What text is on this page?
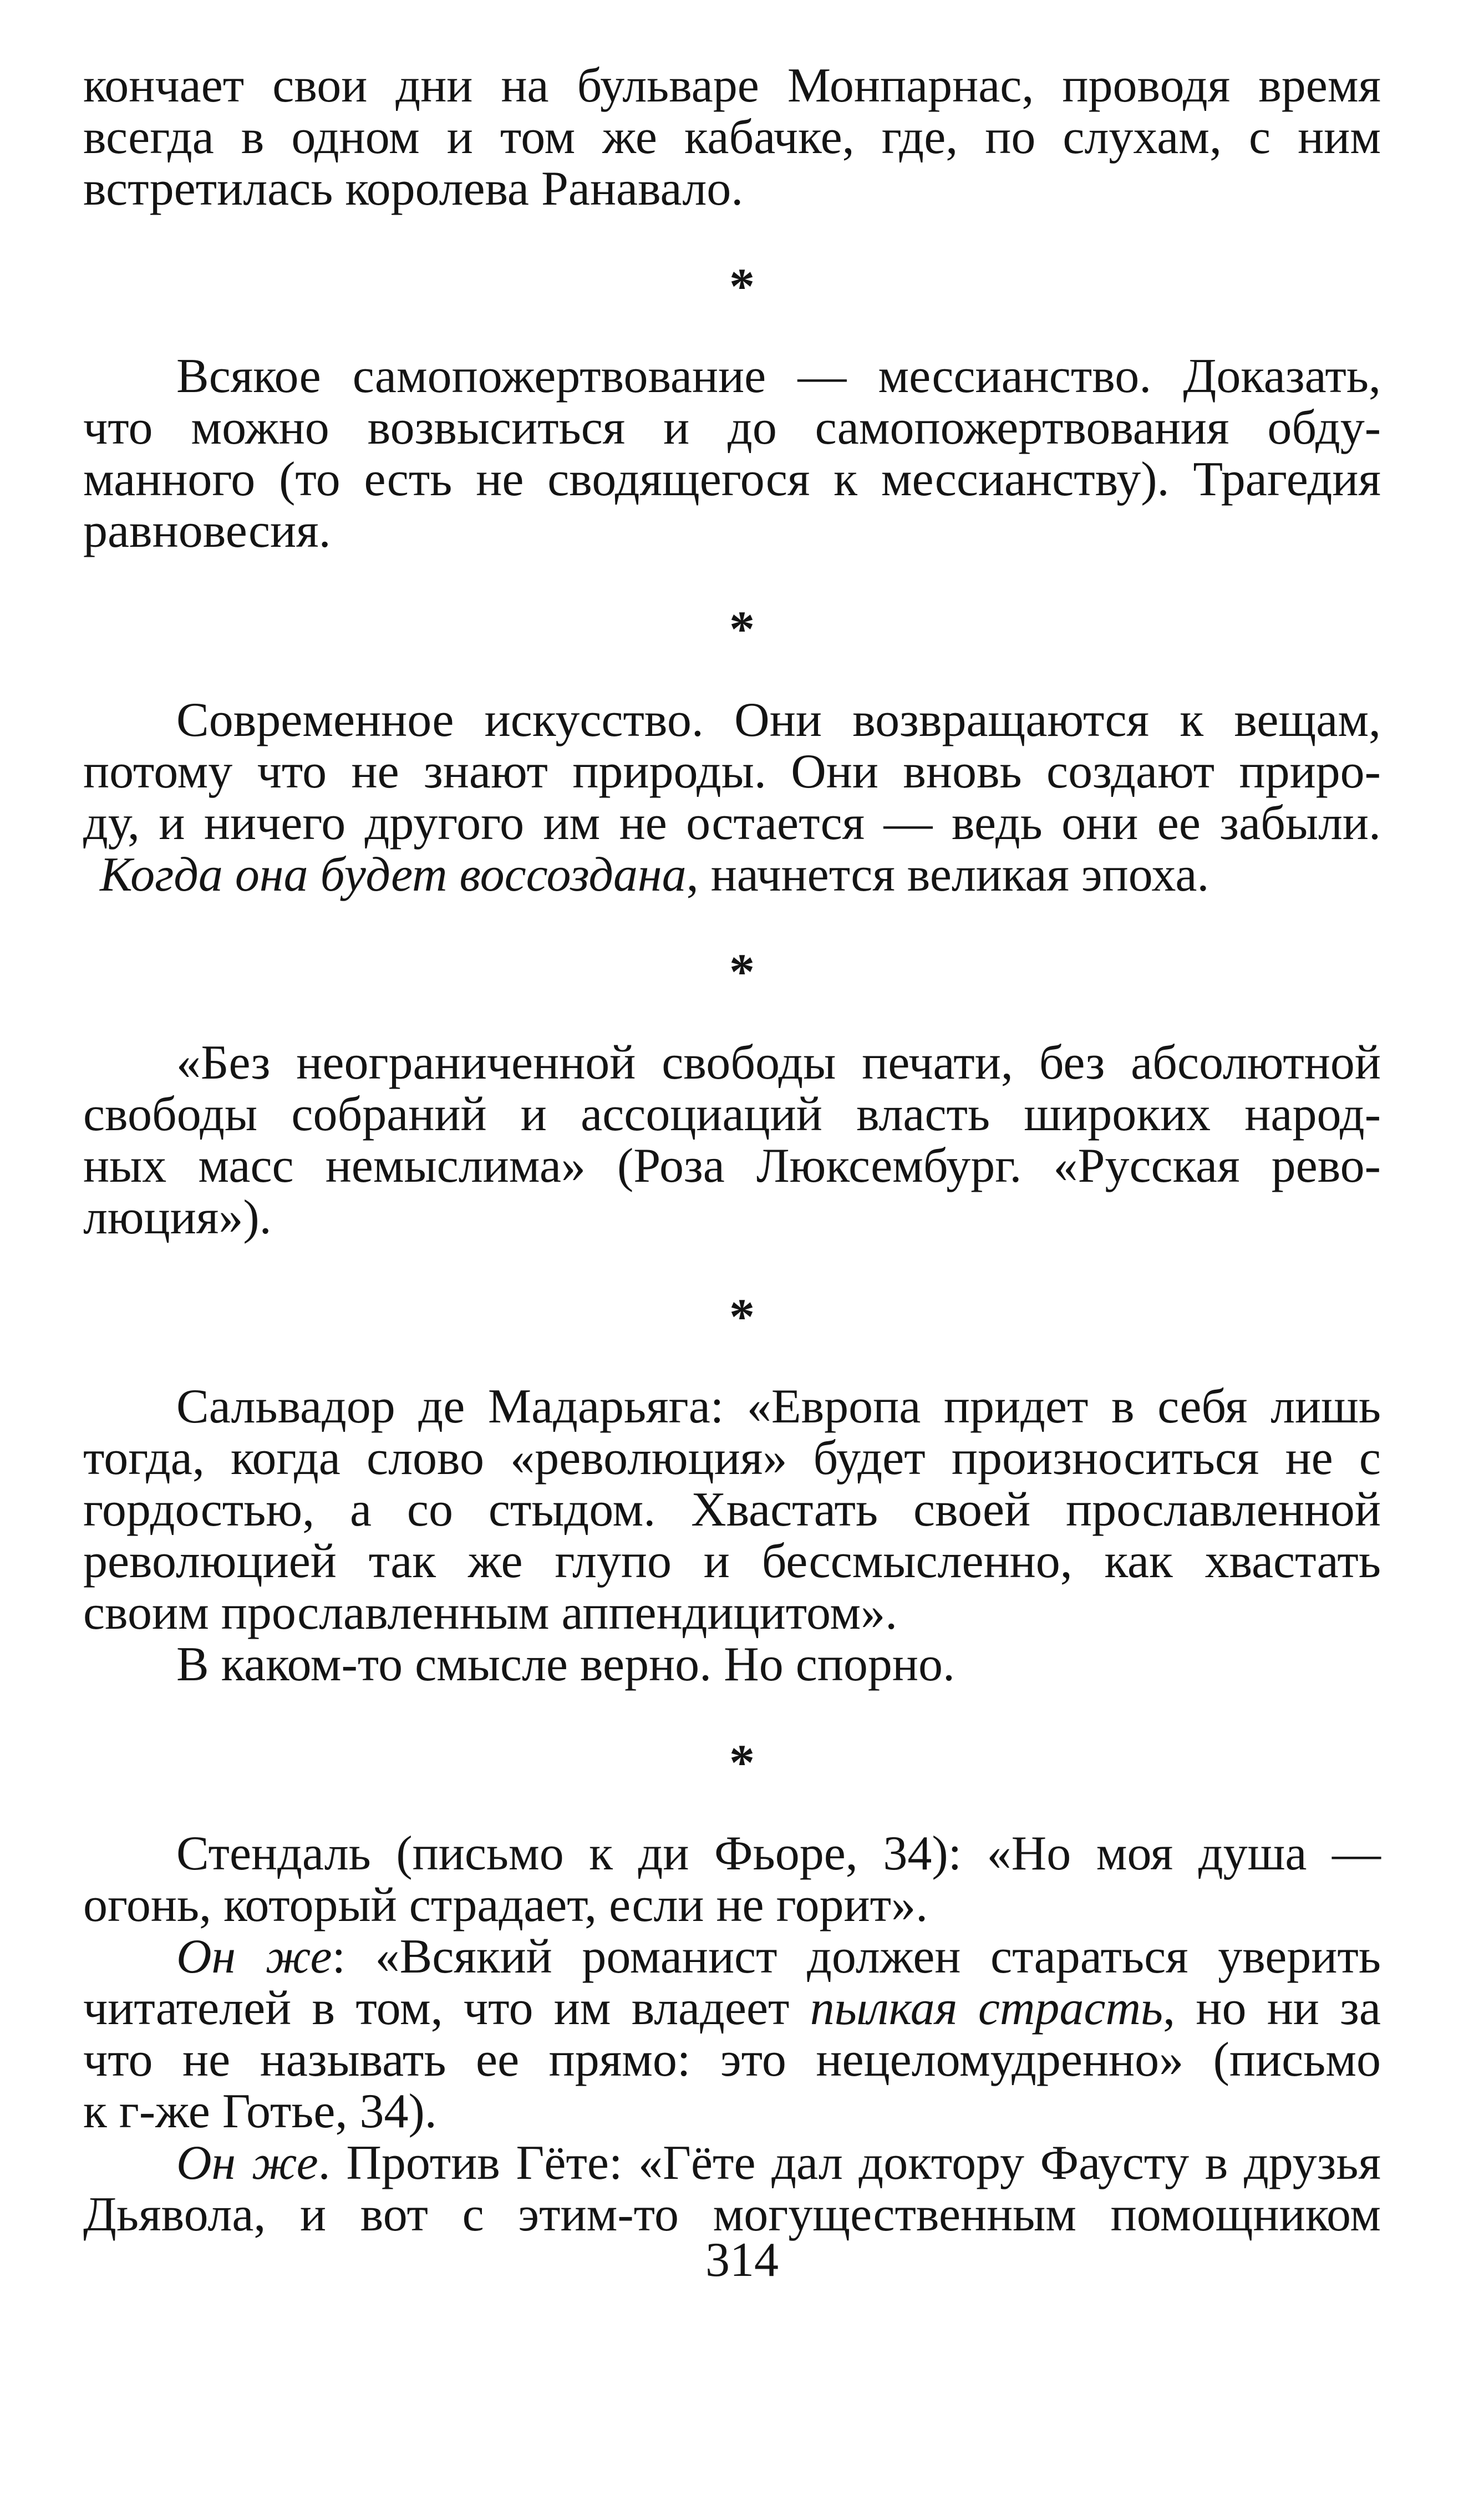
кончает свои дни на бульваре Монпарнас, проводя время
всегда в одном и том же кабачке, где, по слухам, с ним
встретилась королева Ранавало.
*
Всякое самопожертвование — мессианство. Доказать,
что можно возвыситься и до самопожертвования обду-
манного (то есть не сводящегося к мессианству). Трагедия
равновесия.
*
Современное искусство. Они возвращаются к вещам,
потому что не знают природы. Они вновь создают приро-
ду, и ничего другого им не остается — ведь они ее забыли.
Когда она будет воссоздана, начнется великая эпоха.
*
«Без неограниченной свободы печати, без абсолютной
свободы собраний и ассоциаций власть широких народ-
ных масс немыслима» (Роза Люксембург. «Русская рево-
люция»).
*
Сальвадор де Мадарьяга: «Европа придет в себя лишь
тогда, когда слово «революция» будет произноситься не с
гордостью, а со стыдом. Хвастать своей прославленной
революцией так же глупо и бессмысленно, как хвастать
своим прославленным аппендицитом».
В каком-то смысле верно. Но спорно.
*
Стендаль (письмо к ди Фьоре, 34): «Но моя душа —
огонь, который страдает, если не горит».
Он же: «Всякий романист должен стараться уверить
читателей в том, что им владеет пылкая страсть, но ни за
что не называть ее прямо: это нецеломудренно» (письмо
к г-же Готье, 34).
Он же. Против Гёте: «Гёте дал доктору Фаусту в друзья
Дьявола, и вот с этим-то могущественным помощником
314
